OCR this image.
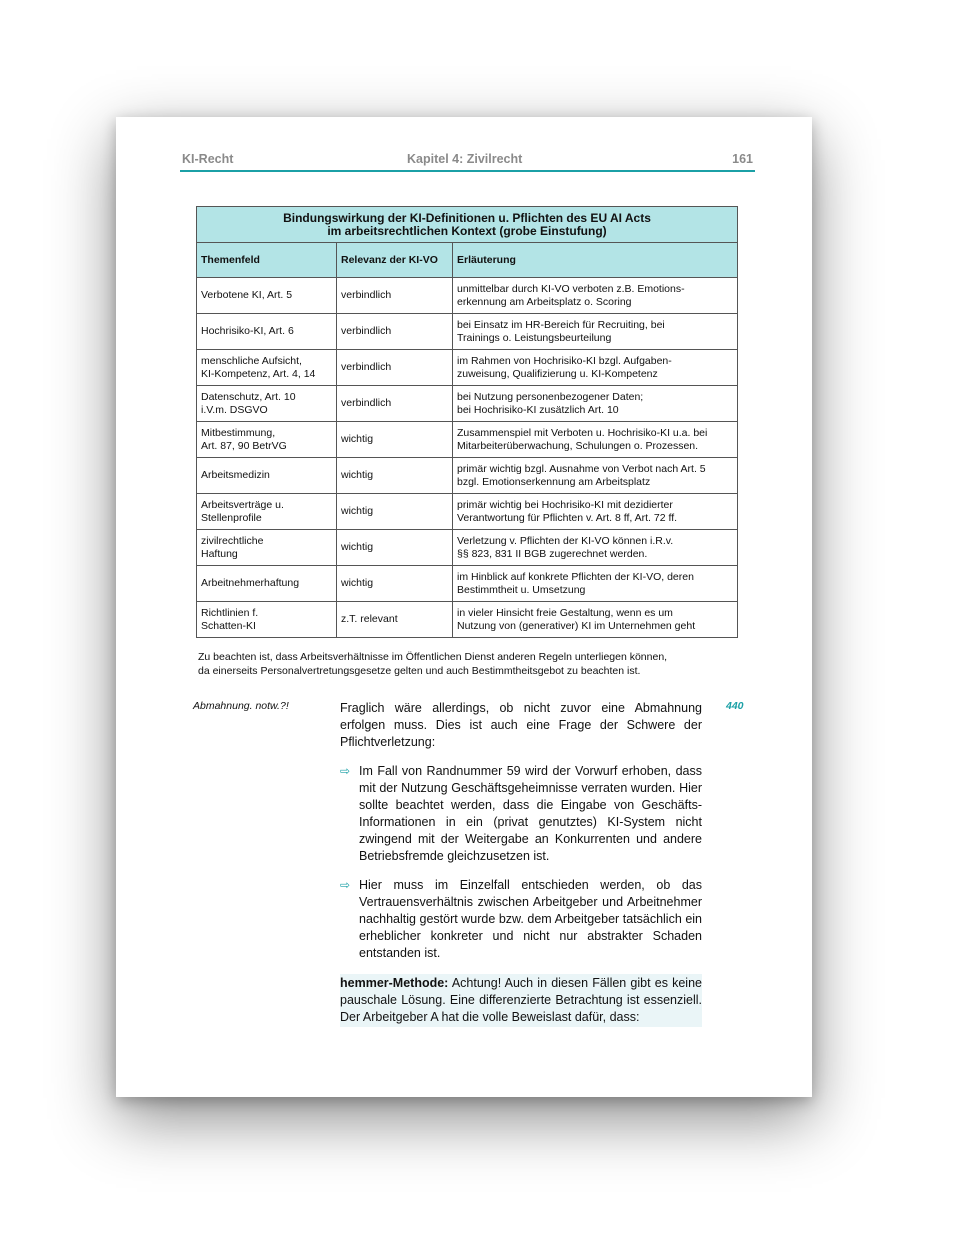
KI-Recht	Kapitel 4: Zivilrecht	161
Bindungswirkung der KI-Definitionen u. Pflichten des EU AI Acts
im arbeitsrechtlichen Kontext (grobe Einstufung)		
Themenfeld	Relevanz der KI-VO	Erläuterung
Verbotene KI, Art. 5	verbindlich	unmittelbar durch KI-VO verboten z.B. Emotions-
erkennung am Arbeitsplatz o. Scoring
Hochrisiko-KI, Art. 6	verbindlich	bei Einsatz im HR-Bereich für Recruiting, bei
Trainings o. Leistungsbeurteilung
menschliche Aufsicht,
KI-Kompetenz, Art. 4, 14	verbindlich	im Rahmen von Hochrisiko-KI bzgl. Aufgaben-
zuweisung, Qualifizierung u. KI-Kompetenz
Datenschutz, Art. 10
i.V.m. DSGVO	verbindlich	bei Nutzung personenbezogener Daten;
bei Hochrisiko-KI zusätzlich Art. 10
Mitbestimmung,
Art. 87, 90 BetrVG	wichtig	Zusammenspiel mit Verboten u. Hochrisiko-KI u.a. bei
Mitarbeiterüberwachung, Schulungen o. Prozessen.
Arbeitsmedizin	wichtig	primär wichtig bzgl. Ausnahme von Verbot nach Art. 5
bzgl. Emotionserkennung am Arbeitsplatz
Arbeitsverträge u.
Stellenprofile	wichtig	primär wichtig bei Hochrisiko-KI mit dezidierter
Verantwortung für Pflichten v. Art. 8 ff, Art. 72 ff.
zivilrechtliche
Haftung	wichtig	Verletzung v. Pflichten der KI-VO können i.R.v.
§§ 823, 831 II BGB zugerechnet werden.
Arbeitnehmerhaftung	wichtig	im Hinblick auf konkrete Pflichten der KI-VO, deren
Bestimmtheit u. Umsetzung
Richtlinien f.
Schatten-KI	z.T. relevant	in vieler Hinsicht freie Gestaltung, wenn es um
Nutzung von (generativer) KI im Unternehmen geht
Zu beachten ist, dass Arbeitsverhältnisse im Öffentlichen Dienst anderen Regeln unterliegen können,
da einerseits Personalvertretungsgesetze gelten und auch Bestimmtheitsgebot zu beachten ist.
Abmahnung. notw.?!	440

Fraglich wäre allerdings, ob nicht zuvor eine Abmahnung erfolgen muss. Dies ist auch eine Frage der Schwere der Pflichtverletzung:

⇨ Im Fall von Randnummer 59 wird der Vorwurf erhoben, dass mit der Nutzung Geschäftsgeheimnisse verraten wurden. Hier sollte beachtet werden, dass die Eingabe von Geschäfts-Informationen in ein (privat genutztes) KI-System nicht zwingend mit der Weitergabe an Konkurrenten und andere Betriebsfremde gleichzusetzen ist.
⇨ Hier muss im Einzelfall entschieden werden, ob das Vertrauensverhältnis zwischen Arbeitgeber und Arbeitnehmer nachhaltig gestört wurde bzw. dem Arbeitgeber tatsächlich ein erheblicher konkreter und nicht nur abstrakter Schaden entstanden ist.
hemmer-Methode: Achtung! Auch in diesen Fällen gibt es keine pauschale Lösung. Eine differenzierte Betrachtung ist essenziell. Der Arbeitgeber A hat die volle Beweislast dafür, dass:
